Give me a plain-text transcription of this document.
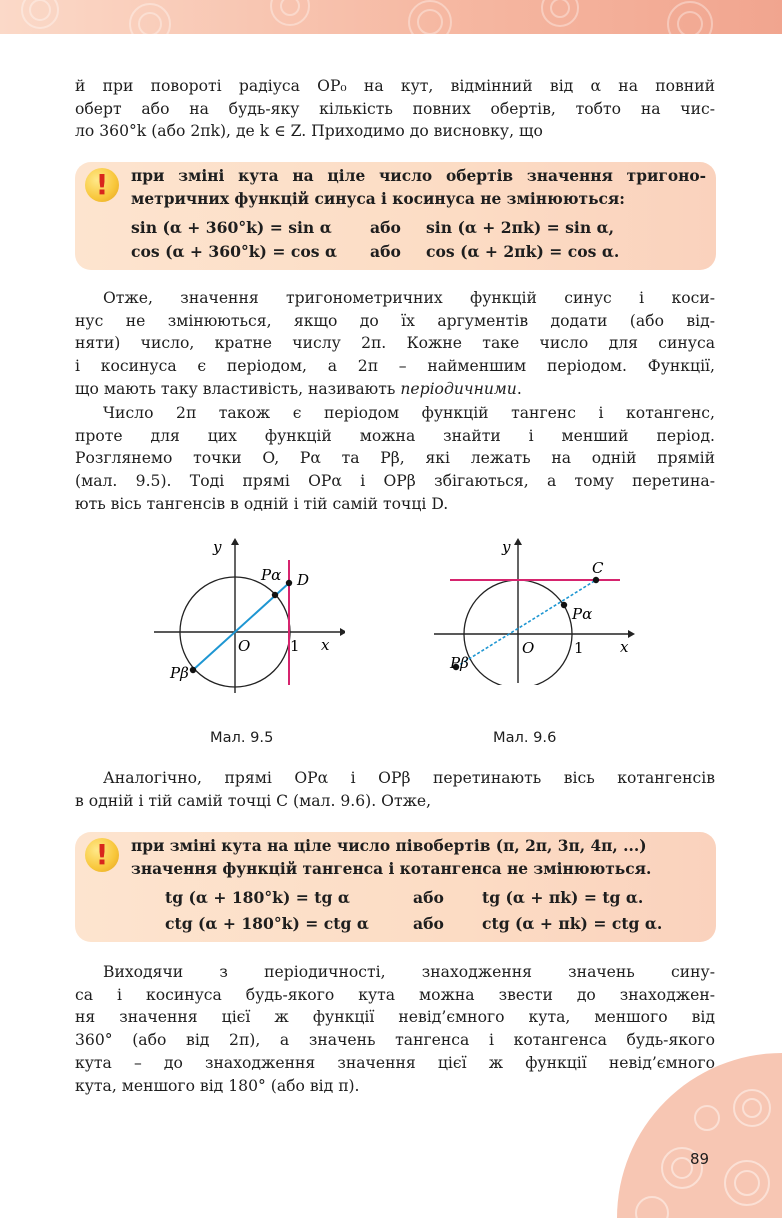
й при повороті радіуса OP₀ на кут, відмінний від α на повний
оберт або на будь-яку кількість повних обертів, тобто на чис-
ло 360°k (або 2πk), де k ∈ Z. Приходимо до висновку, що
!	при зміні кута на ціле число обертів значення тригоно-
метричних функцій синуса і косинуса не змінюються:
sin (α + 360°k) = sin α або sin (α + 2πk) = sin α,
cos (α + 360°k) = cos α або cos (α + 2πk) = cos α.
Отже, значення тригонометричних функцій синус і коси-
нус не змінюються, якщо до їх аргументів додати (або від-
няти) число, кратне числу 2π. Кожне таке число для синуса
і косинуса є періодом, а 2π – найменшим періодом. Функції,
що мають таку властивість, називають періодичними.
Число 2π також є періодом функцій тангенс і котангенс,
проте для цих функцій можна знайти і менший період.
Розглянемо точки O, Pα та Pβ, які лежать на одній прямій
(мал. 9.5). Тоді прямі OPα і OPβ збігаються, а тому перетина-
ють вісь тангенсів в одній і тій самій точці D.
y
x
O	1
Pα D
Pβ
Мал. 9.5
y
x
O	1
Pα
C
Pβ
Мал. 9.6
Аналогічно, прямі OPα і OPβ перетинають вісь котангенсів
в одній і тій самій точці C (мал. 9.6). Отже,
!	при зміні кута на ціле число півобертів (π, 2π, 3π, 4π, ...)
значення функцій тангенса і котангенса не змінюються.
tg (α + 180°k) = tg α	або tg (α + πk) = tg α.
ctg (α + 180°k) = ctg α	або ctg (α + πk) = ctg α.
Виходячи з періодичності, знаходження значень сину-
са і косинуса будь-якого кута можна звести до знаходжен-
ня значення цієї ж функції невід’ємного кута, меншого від
360° (або від 2π), а значень тангенса і котангенса будь-якого
кута – до знаходження значення цієї ж функції невід’ємного
кута, меншого від 180° (або від π).
89
